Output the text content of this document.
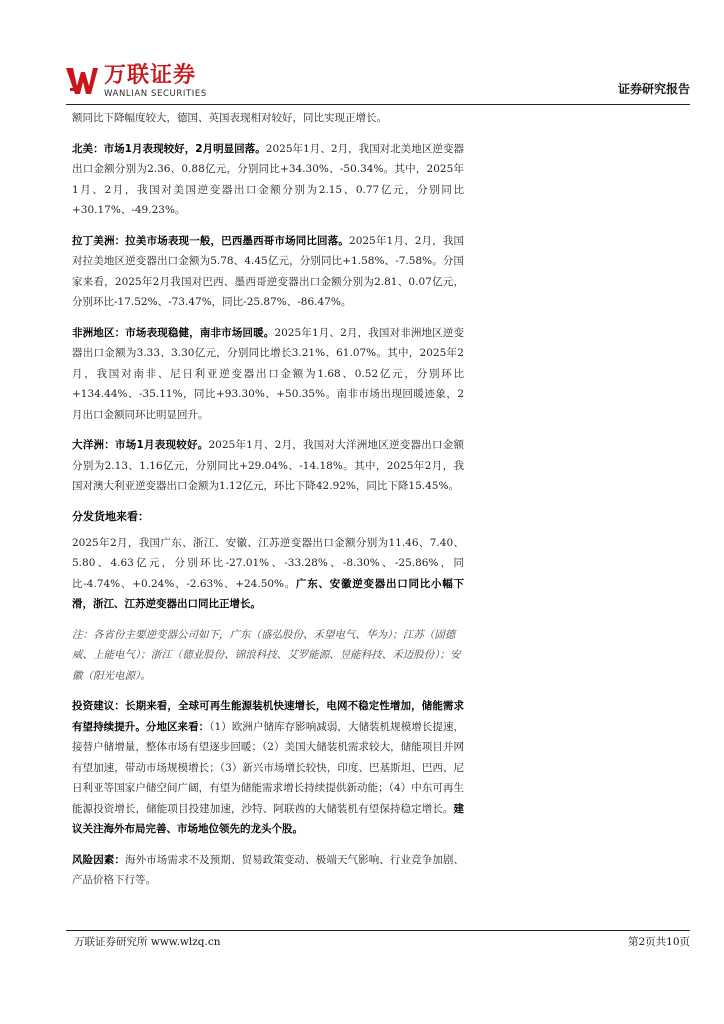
万联证券
WANLIAN SECURITIES	证券研究报告

额同比下降幅度较大，德国、英国表现相对较好，同比实现正增长。

北美：市场1月表现较好，2月明显回落。2025年1月、2月，我国对北美地区逆变器出口金额分别为2.36、0.88亿元，分别同比+34.30%、-50.34%。其中，2025年1月、2月，我国对美国逆变器出口金额分别为2.15、0.77亿元，分别同比+30.17%、-49.23%。

拉丁美洲：拉美市场表现一般，巴西墨西哥市场同比回落。2025年1月、2月，我国对拉美地区逆变器出口金额为5.78、4.45亿元，分别同比+1.58%、-7.58%。分国家来看，2025年2月我国对巴西、墨西哥逆变器出口金额分别为2.81、0.07亿元，分别环比-17.52%、-73.47%，同比-25.87%、-86.47%。

非洲地区：市场表现稳健，南非市场回暖。2025年1月、2月，我国对非洲地区逆变器出口金额为3.33、3.30亿元，分别同比增长3.21%、61.07%。其中，2025年2月，我国对南非、尼日利亚逆变器出口金额为1.68、0.52亿元，分别环比+134.44%、-35.11%，同比+93.30%、+50.35%。南非市场出现回暖迹象，2月出口金额同环比明显回升。

大洋洲：市场1月表现较好。2025年1月、2月，我国对大洋洲地区逆变器出口金额分别为2.13、1.16亿元，分别同比+29.04%、-14.18%。其中，2025年2月，我国对澳大利亚逆变器出口金额为1.12亿元，环比下降42.92%，同比下降15.45%。

分发货地来看：

2025年2月，我国广东、浙江、安徽、江苏逆变器出口金额分别为11.46、7.40、5.80、4.63亿元，分别环比-27.01%、-33.28%、-8.30%、-25.86%，同比-4.74%、+0.24%、-2.63%、+24.50%。广东、安徽逆变器出口同比小幅下滑，浙江、江苏逆变器出口同比正增长。

注：各省份主要逆变器公司如下，广东（盛弘股份、禾望电气、华为）；江苏（固德威、上能电气）；浙江（德业股份、锦浪科技、艾罗能源、昱能科技、禾迈股份）；安徽（阳光电源）。

投资建议：长期来看，全球可再生能源装机快速增长，电网不稳定性增加，储能需求有望持续提升。分地区来看：（1）欧洲户储库存影响减弱，大储装机规模增长提速，接替户储增量，整体市场有望逐步回暖；（2）美国大储装机需求较大，储能项目并网有望加速，带动市场规模增长；（3）新兴市场增长较快，印度、巴基斯坦、巴西、尼日利亚等国家户储空间广阔，有望为储能需求增长持续提供新动能；（4）中东可再生能源投资增长，储能项目投建加速，沙特、阿联酋的大储装机有望保持稳定增长。建议关注海外布局完善、市场地位领先的龙头个股。

风险因素：海外市场需求不及预期、贸易政策变动、极端天气影响、行业竞争加剧、产品价格下行等。

万联证券研究所 www.wlzq.cn	第2页共10页
